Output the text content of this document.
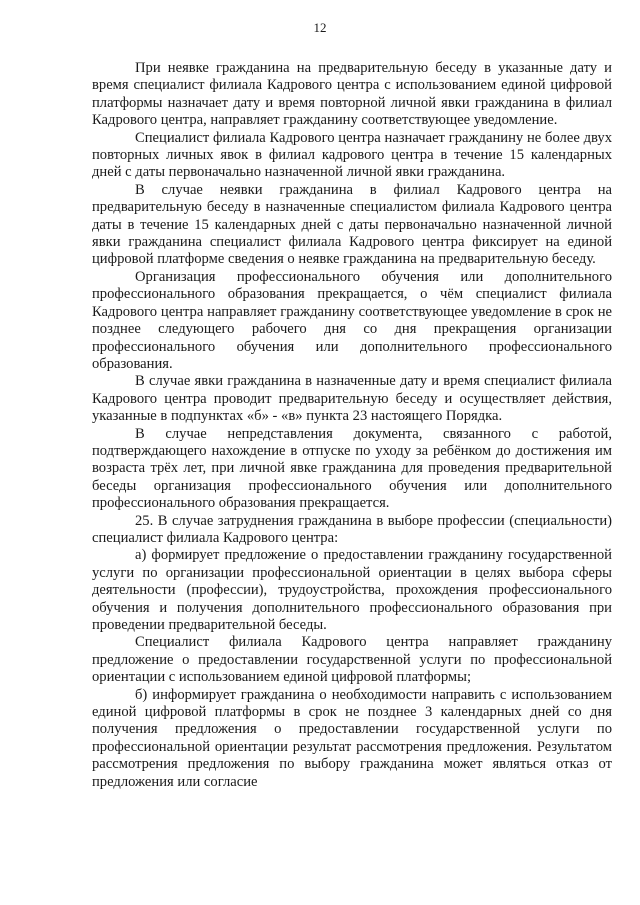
12

При неявке гражданина на предварительную беседу в указанные дату и время специалист филиала Кадрового центра с использованием единой цифровой платформы назначает дату и время повторной личной явки гражданина в филиал Кадрового центра, направляет гражданину соответствующее уведомление.

Специалист филиала Кадрового центра назначает гражданину не более двух повторных личных явок в филиал кадрового центра в течение 15 календарных дней с даты первоначально назначенной личной явки гражданина.

В случае неявки гражданина в филиал Кадрового центра на предварительную беседу в назначенные специалистом филиала Кадрового центра даты в течение 15 календарных дней с даты первоначально назначенной личной явки гражданина специалист филиала Кадрового центра фиксирует на единой цифровой платформе сведения о неявке гражданина на предварительную беседу.

Организация профессионального обучения или дополнительного профессионального образования прекращается, о чём специалист филиала Кадрового центра направляет гражданину соответствующее уведомление в срок не позднее следующего рабочего дня со дня прекращения организации профессионального обучения или дополнительного профессионального образования.

В случае явки гражданина в назначенные дату и время специалист филиала Кадрового центра проводит предварительную беседу и осуществляет действия, указанные в подпунктах «б» - «в» пункта 23 настоящего Порядка.

В случае непредставления документа, связанного с работой, подтверждающего нахождение в отпуске по уходу за ребёнком до достижения им возраста трёх лет, при личной явке гражданина для проведения предварительной беседы организация профессионального обучения или дополнительного профессионального образования прекращается.

25. В случае затруднения гражданина в выборе профессии (специальности) специалист филиала Кадрового центра:

а) формирует предложение о предоставлении гражданину государственной услуги по организации профессиональной ориентации в целях выбора сферы деятельности (профессии), трудоустройства, прохождения профессионального обучения и получения дополнительного профессионального образования при проведении предварительной беседы.

Специалист филиала Кадрового центра направляет гражданину предложение о предоставлении государственной услуги по профессиональной ориентации с использованием единой цифровой платформы;

б) информирует гражданина о необходимости направить с использованием единой цифровой платформы в срок не позднее 3 календарных дней со дня получения предложения о предоставлении государственной услуги по профессиональной ориентации результат рассмотрения предложения. Результатом рассмотрения предложения по выбору гражданина может являться отказ от предложения или согласие
